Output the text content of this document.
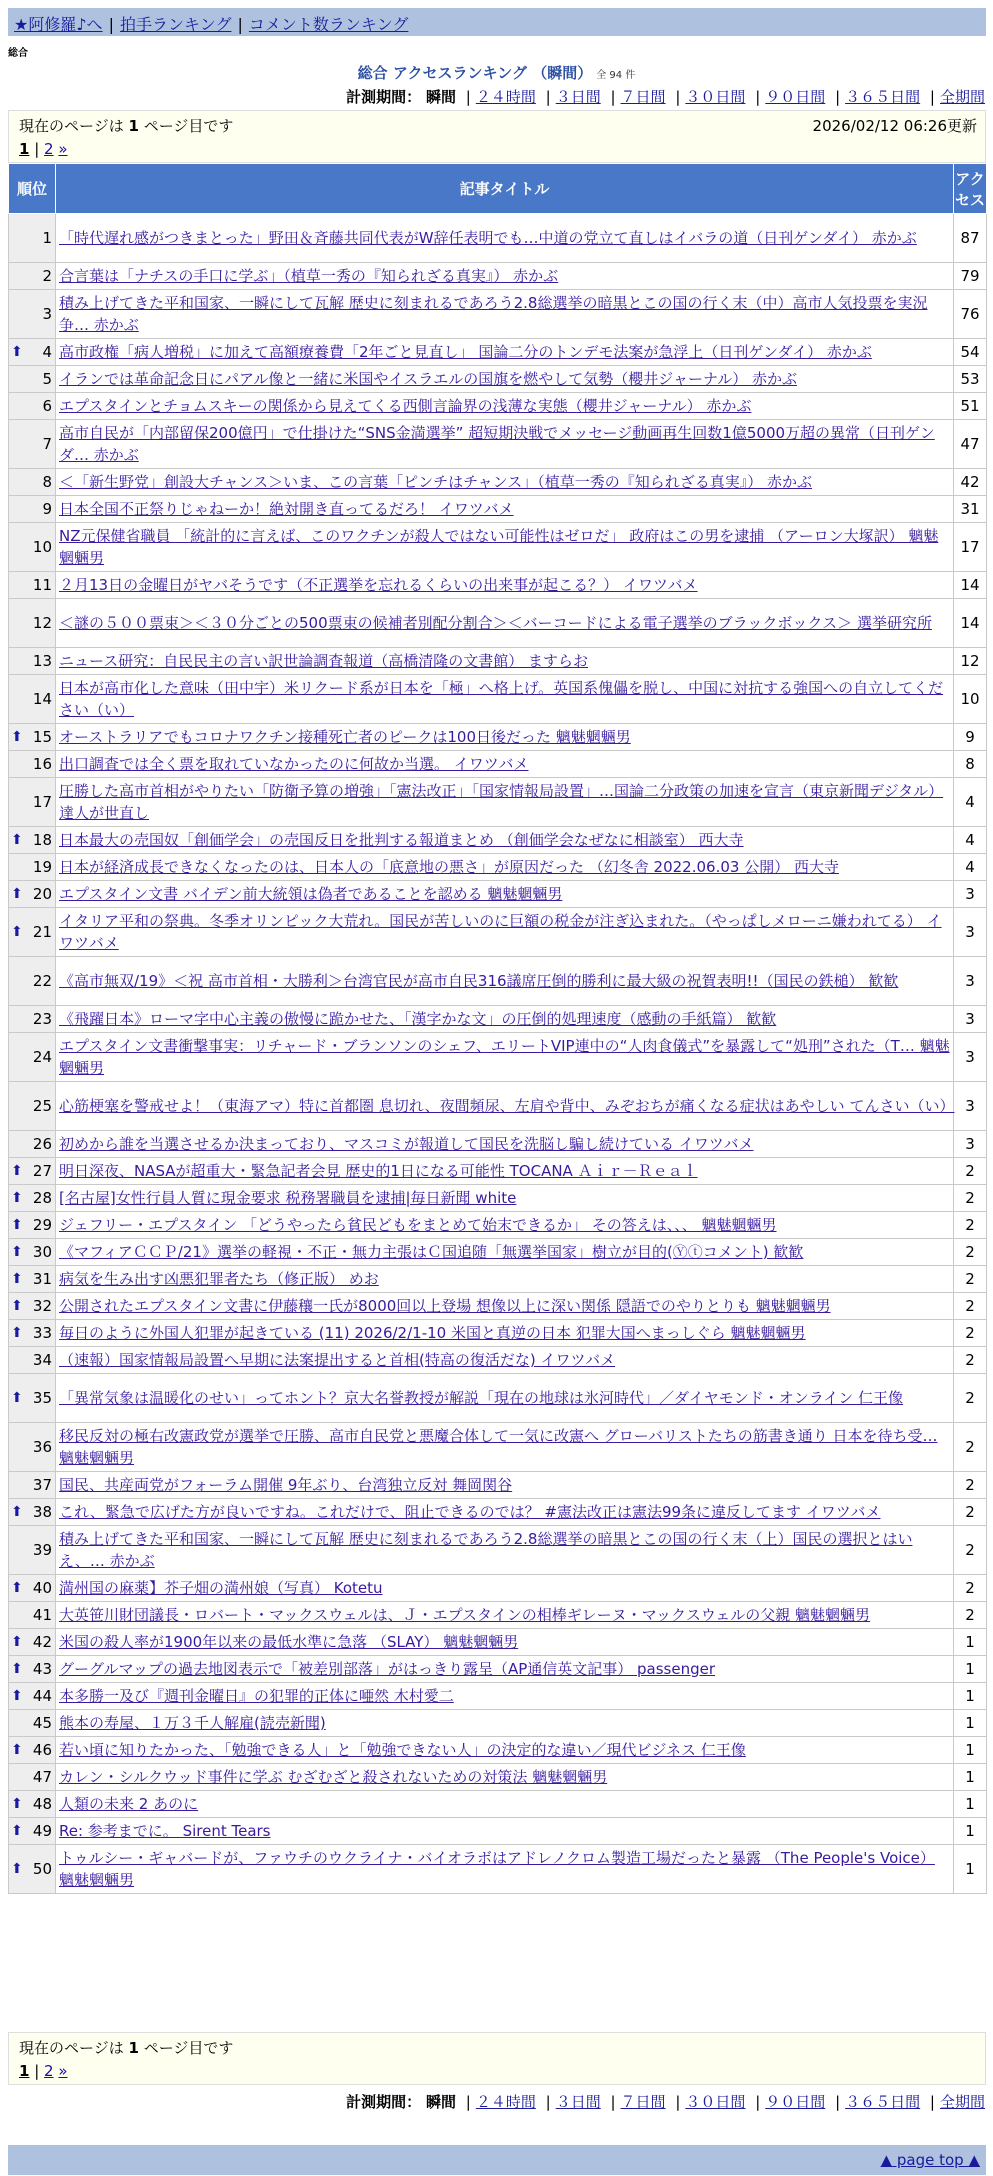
★阿修羅♪へ | 拍手ランキング | コメント数ランキング
総合
総合 アクセスランキング （瞬間） 全 94 件
計測期間： 瞬間 | ２４時間 | ３日間 | ７日間 | ３０日間 | ９０日間 | ３６５日間 | 全期間
現在のページは 1 ページ目です	2026/02/12 06:26更新
1 | 2 »
順位	記事タイトル	アクセス
1	「時代遅れ感がつきまとった」野田＆斉藤共同代表がW辞任表明でも…中道の党立て直しはイバラの道（日刊ゲンダイ） 赤かぶ	87
2	合言葉は「ナチスの手口に学ぶ」（植草一秀の『知られざる真実』） 赤かぶ	79
3	積み上げてきた平和国家、一瞬にして瓦解 歴史に刻まれるであろう2.8総選挙の暗黒とこの国の行く末（中）高市人気投票を実況争… 赤かぶ	76

⬆ 4	高市政権「病人増税」に加えて高額療養費「2年ごと見直し」 国論二分のトンデモ法案が急浮上（日刊ゲンダイ） 赤かぶ	54
5	イランでは革命記念日にパアル像と一緒に米国やイスラエルの国旗を燃やして気勢（櫻井ジャーナル） 赤かぶ	53
6	エプスタインとチョムスキーの関係から見えてくる西側言論界の浅薄な実態（櫻井ジャーナル） 赤かぶ	51
7	高市自民が「内部留保200億円」で仕掛けた“SNS金満選挙” 超短期決戦でメッセージ動画再生回数1億5000万超の異常（日刊ゲンダ… 赤かぶ	47
8	＜「新生野党」創設大チャンス＞いま、この言葉「ピンチはチャンス」（植草一秀の『知られざる真実』） 赤かぶ	42
9	日本全国不正祭りじゃねーか！絶対開き直ってるだろ！ イワツバメ	31
10	NZ元保健省職員 「統計的に言えば、このワクチンが殺人ではない可能性はゼロだ」 政府はこの男を逮捕 （アーロン大塚訳） 魑魅魍魎男	17
11	２月13日の金曜日がヤバそうです（不正選挙を忘れるくらいの出来事が起こる？） イワツバメ	14
12	＜謎の５００票束＞＜３０分ごとの500票束の候補者別配分割合＞＜バーコードによる電子選挙のブラックボックス＞ 選挙研究所	14
13	ニュース研究：自民民主の言い訳世論調査報道（高橋清隆の文書館） ますらお	12
14	日本が高市化した意味（田中宇）米リクード系が日本を「極」へ格上げ。英国系傀儡を脱し、中国に対抗する強国への自立してください（い）	10

⬆ 15	オーストラリアでもコロナワクチン接種死亡者のピークは100日後だった 魑魅魍魎男	9
16	出口調査では全く票を取れていなかったのに何故か当選。 イワツバメ	8
17	圧勝した高市首相がやりたい「防衛予算の増強」「憲法改正」「国家情報局設置」…国論二分政策の加速を宣言（東京新聞デジタル） 達人が世直し	4

⬆ 18	日本最大の売国奴「創価学会」の売国反日を批判する報道まとめ （創価学会なぜなに相談室） 西大寺	4
19	日本が経済成長できなくなったのは、日本人の「底意地の悪さ」が原因だった （幻冬舎 2022.06.03 公開） 西大寺	4

⬆ 20	エプスタイン文書 バイデン前大統領は偽者であることを認める 魑魅魍魎男	3

⬆ 21	イタリア平和の祭典。冬季オリンピック大荒れ。国民が苦しいのに巨額の税金が注ぎ込まれた。（やっぱしメローニ嫌われてる） イワツバメ	3
22	《高市無双/19》＜祝 高市首相・大勝利＞台湾官民が高市自民316議席圧倒的勝利に最大級の祝賀表明!!（国民の鉄槌） 歓歓	3
23	《飛躍日本》ローマ字中心主義の傲慢に跪かせた、「漢字かな文」の圧倒的処理速度（感動の手紙篇） 歓歓	3
24	エプスタイン文書衝撃事実：リチャード・ブランソンのシェフ、エリートVIP連中の“人肉食儀式”を暴露して“処刑”された（T… 魑魅魍魎男	3
25	心筋梗塞を警戒せよ！（東海アマ）特に首都圏 息切れ、夜間頻尿、左肩や背中、みぞおちが痛くなる症状はあやしい てんさい（い）	3
26	初めから誰を当選させるか決まっており、マスコミが報道して国民を洗脳し騙し続けている イワツバメ	3

⬆ 27	明日深夜、NASAが超重大・緊急記者会見 歴史的1日になる可能性 TOCANA Ａｉｒ－Ｒｅａｌ	2

⬆ 28	[名古屋]女性行員人質に現金要求 税務署職員を逮捕|毎日新聞 white	2

⬆ 29	ジェフリー・エプスタイン 「どうやったら貧民どもをまとめて始末できるか」 その答えは、、、 魑魅魍魎男	2

⬆ 30	《マフィアＣＣＰ/21》選挙の軽視・不正・無力主張はＣ国追随「無選挙国家」樹立が目的(Ⓨⓣコメント) 歓歓	2

⬆ 31	病気を生み出す凶悪犯罪者たち（修正版） めお	2

⬆ 32	公開されたエプスタイン文書に伊藤穰一氏が8000回以上登場 想像以上に深い関係 隠語でのやりとりも 魑魅魍魎男	2

⬆ 33	毎日のように外国人犯罪が起きている (11) 2026/2/1-10 米国と真逆の日本 犯罪大国へまっしぐら 魑魅魍魎男	2
34	（速報）国家情報局設置へ早期に法案提出すると首相(特高の復活だな) イワツバメ	2

⬆ 35	「異常気象は温暖化のせい」ってホント？京大名誉教授が解説「現在の地球は氷河時代」／ダイヤモンド・オンライン 仁王像	2
36	移民反対の極右改憲政党が選挙で圧勝、高市自民党と悪魔合体して一気に改憲へ グローバリストたちの筋書き通り 日本を待ち受… 魑魅魍魎男	2
37	国民、共産両党がフォーラム開催 9年ぶり、台湾独立反対 舞岡関谷	2

⬆ 38	これ、緊急で広げた方が良いですね。これだけで、阻止できるのでは？ #憲法改正は憲法99条に違反してます イワツバメ	2
39	積み上げてきた平和国家、一瞬にして瓦解 歴史に刻まれるであろう2.8総選挙の暗黒とこの国の行く末（上）国民の選択とはいえ、… 赤かぶ	2

⬆ 40	満州国の麻薬】芥子畑の満州娘（写真） Kotetu	2
41	大英笹川財団議長・ロバート・マックスウェルは、Ｊ・エプスタインの相棒ギレーヌ・マックスウェルの父親 魑魅魍魎男	2

⬆ 42	米国の殺人率が1900年以来の最低水準に急落 （SLAY） 魑魅魍魎男	1

⬆ 43	グーグルマップの過去地図表示で「被差別部落」がはっきり露呈（AP通信英文記事） passenger	1

⬆ 44	本多勝一及び『週刊金曜日』の犯罪的正体に唖然 木村愛二	1
45	熊本の寿屋、１万３千人解雇(読売新聞)	1

⬆ 46	若い頃に知りたかった、「勉強できる人」と「勉強できない人」の決定的な違い／現代ビジネス 仁王像	1
47	カレン・シルクウッド事件に学ぶ むざむざと殺されないための対策法 魑魅魍魎男	1

⬆ 48	人類の未来 2 あのに	1

⬆ 49	Re: 参考までに。 Sirent Tears	1

⬆ 50	トゥルシー・ギャバードが、ファウチのウクライナ・バイオラボはアドレノクロム製造工場だったと暴露 （The People's Voice） 魑魅魍魎男	1
現在のページは 1 ページ目です
1 | 2 »
計測期間： 瞬間 | ２４時間 | ３日間 | ７日間 | ３０日間 | ９０日間 | ３６５日間 | 全期間
▲ page top ▲
